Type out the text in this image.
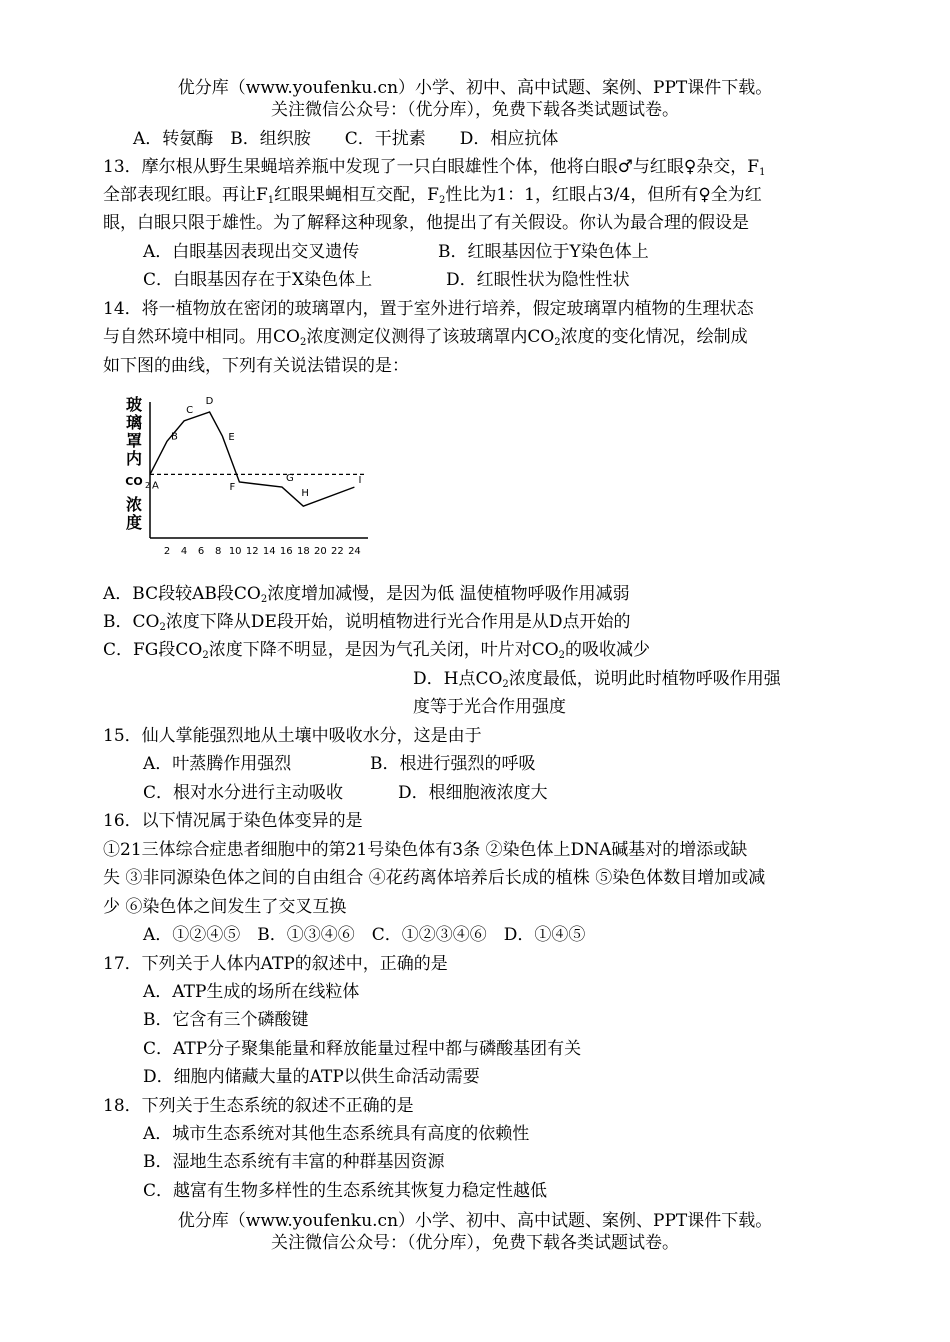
优分库（www.youfenku.cn）小学、初中、高中试题、案例、PPT课件下载。
关注微信公众号：（优分库），免费下载各类试题试卷。
A．转氨酶　B．组织胺　　C．干扰素　　D．相应抗体
13．摩尔根从野生果蝇培养瓶中发现了一只白眼雄性个体，他将白眼♂与红眼♀杂交，$F_1$
全部表现红眼。再让$F_1$红眼果蝇相互交配，$F_2$性比为1：1，红眼占3/4，但所有♀全为红
眼，白眼只限于雄性。为了解释这种现象，他提出了有关假设。你认为最合理的假设是
A．白眼基因表现出交叉遗传	B．红眼基因位于Y染色体上
C．白眼基因存在于X染色体上	D．红眼性状为隐性性状
14．将一植物放在密闭的玻璃罩内，置于室外进行培养，假定玻璃罩内植物的生理状态
与自然环境中相同。用$CO_2$浓度测定仪测得了该玻璃罩内$CO_2$浓度的变化情况，绘制成
如下图的曲线，下列有关说法错误的是：
玻
璃
罩
内
CO 2
浓
度
2 4 6 8 10 12 14 16 18 20 22 24
A
B
C
D
E
F
G
H
I
A．BC段较AB段$CO_2$浓度增加减慢，是因为低 温使植物呼吸作用减弱
B．$CO_2$浓度下降从DE段开始，说明植物进行光合作用是从D点开始的
C．FG段$CO_2$浓度下降不明显，是因为气孔关闭，叶片对$CO_2$的吸收减少
D．H点$CO_2$浓度最低，说明此时植物呼吸作用强
度等于光合作用强度
15．仙人掌能强烈地从土壤中吸收水分，这是由于
A．叶蒸腾作用强烈	B．根进行强烈的呼吸
C．根对水分进行主动吸收	D．根细胞液浓度大
16．以下情况属于染色体变异的是
①21三体综合症患者细胞中的第21号染色体有3条 ②染色体上DNA碱基对的增添或缺
失 ③非同源染色体之间的自由组合 ④花药离体培养后长成的植株 ⑤染色体数目增加或减
少 ⑥染色体之间发生了交叉互换
A．①②④⑤　B．①③④⑥　C．①②③④⑥　D．①④⑤
17．下列关于人体内ATP的叙述中，正确的是
A．ATP生成的场所在线粒体
B．它含有三个磷酸键
C．ATP分子聚集能量和释放能量过程中都与磷酸基团有关
D．细胞内储藏大量的ATP以供生命活动需要
18．下列关于生态系统的叙述不正确的是
A．城市生态系统对其他生态系统具有高度的依赖性
B．湿地生态系统有丰富的种群基因资源
C．越富有生物多样性的生态系统其恢复力稳定性越低
优分库（www.youfenku.cn）小学、初中、高中试题、案例、PPT课件下载。
关注微信公众号：（优分库），免费下载各类试题试卷。
